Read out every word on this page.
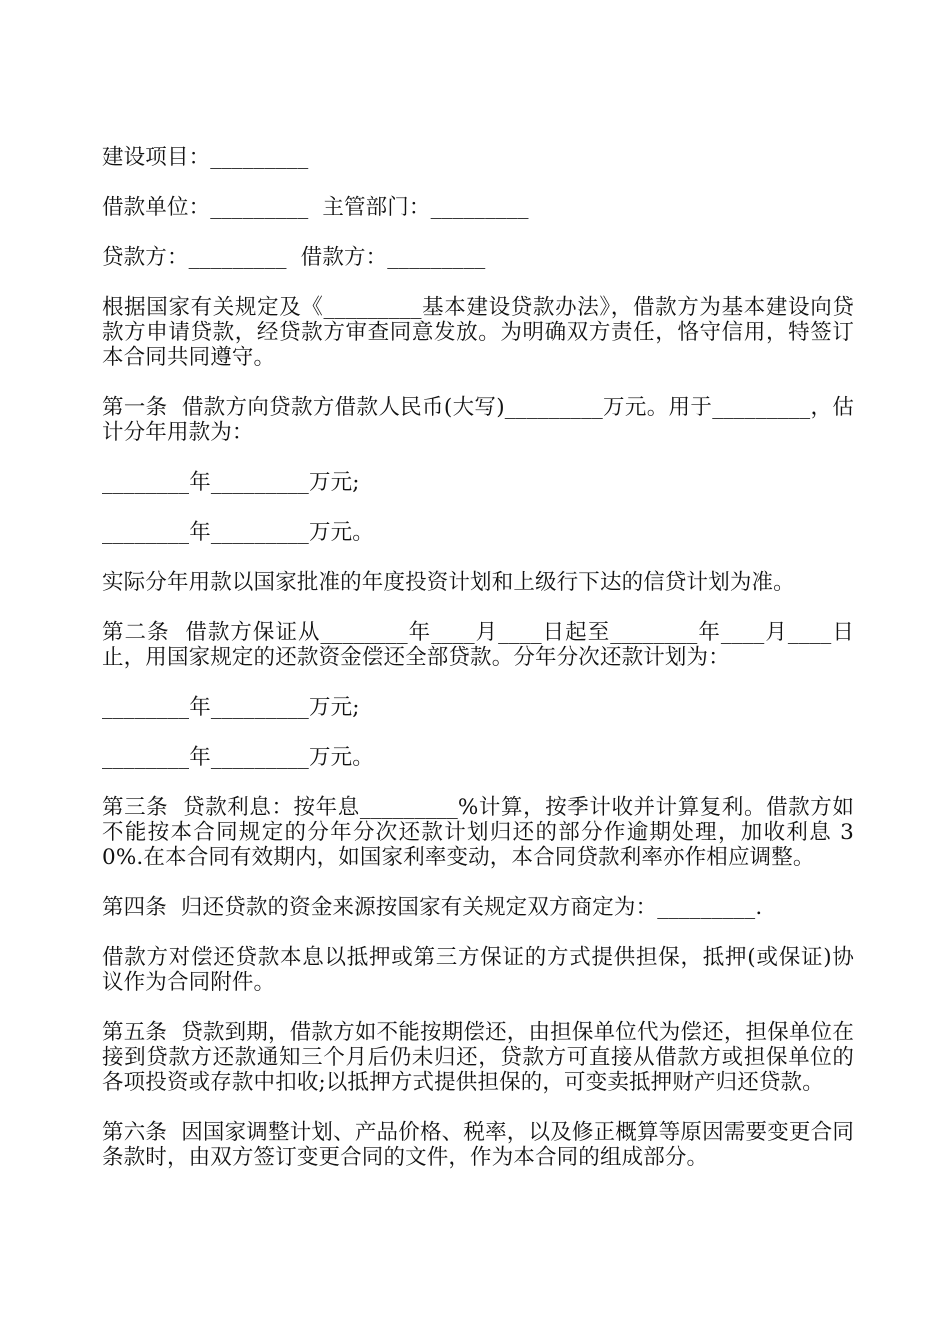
建设项目：_________

借款单位：_________  主管部门：_________

贷款方：_________  借款方：_________

根据国家有关规定及《_________基本建设贷款办法》，借款方为基本建设向贷款方申请贷款，经贷款方审查同意发放。为明确双方责任，恪守信用，特签订本合同共同遵守。

第一条  借款方向贷款方借款人民币(大写)_________万元。用于_________，估计分年用款为：

________年_________万元;

________年_________万元。

实际分年用款以国家批准的年度投资计划和上级行下达的信贷计划为准。

第二条  借款方保证从________年____月____日起至________年____月____日止，用国家规定的还款资金偿还全部贷款。分年分次还款计划为：

________年_________万元;

________年_________万元。

第三条  贷款利息：按年息_________%计算，按季计收并计算复利。借款方如不能按本合同规定的分年分次还款计划归还的部分作逾期处理，加收利息 30%.在本合同有效期内，如国家利率变动，本合同贷款利率亦作相应调整。

第四条  归还贷款的资金来源按国家有关规定双方商定为：_________.

借款方对偿还贷款本息以抵押或第三方保证的方式提供担保，抵押(或保证)协议作为合同附件。

第五条  贷款到期，借款方如不能按期偿还，由担保单位代为偿还，担保单位在接到贷款方还款通知三个月后仍未归还，贷款方可直接从借款方或担保单位的各项投资或存款中扣收;以抵押方式提供担保的，可变卖抵押财产归还贷款。

第六条  因国家调整计划、产品价格、税率，以及修正概算等原因需要变更合同条款时，由双方签订变更合同的文件，作为本合同的组成部分。
